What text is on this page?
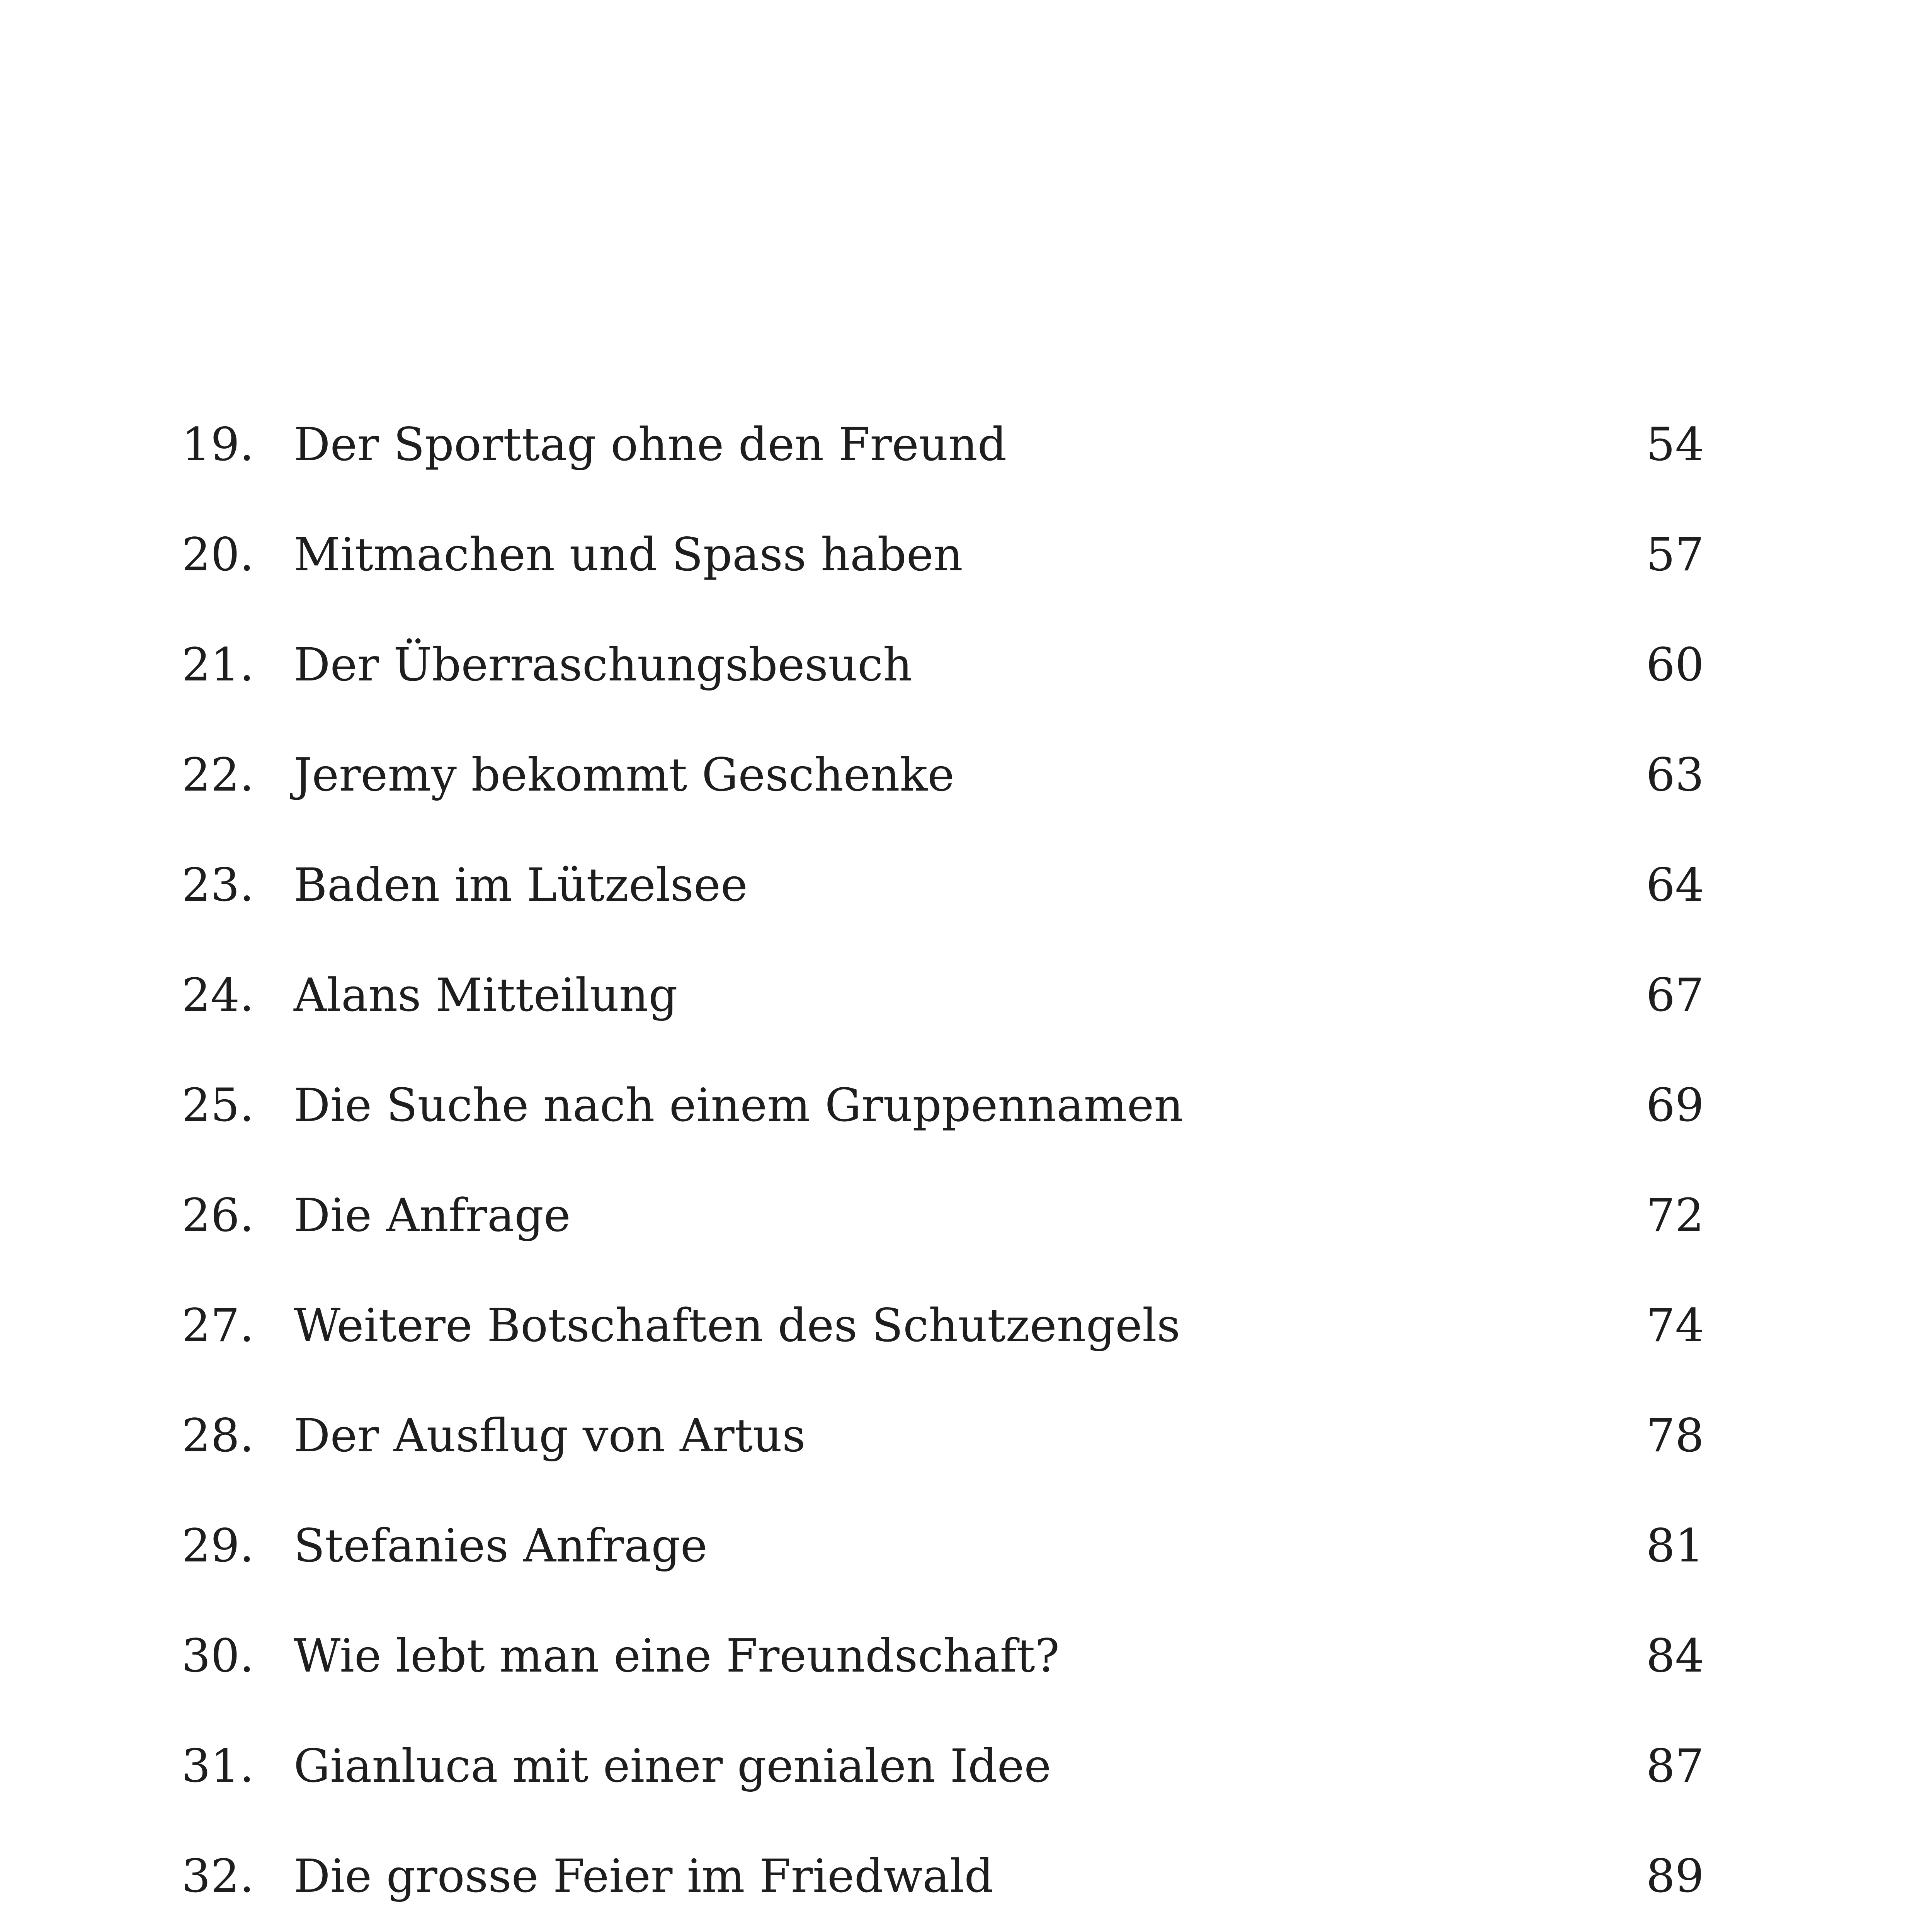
19. Der Sporttag ohne den Freund	54
20. Mitmachen und Spass haben	57
21. Der Überraschungsbesuch	60
22. Jeremy bekommt Geschenke	63
23. Baden im Lützelsee	64
24. Alans Mitteilung	67
25. Die Suche nach einem Gruppennamen	69
26. Die Anfrage	72
27. Weitere Botschaften des Schutzengels	74
28. Der Ausflug von Artus	78
29. Stefanies Anfrage	81
30. Wie lebt man eine Freundschaft?	84
31. Gianluca mit einer genialen Idee	87
32. Die grosse Feier im Friedwald	89
